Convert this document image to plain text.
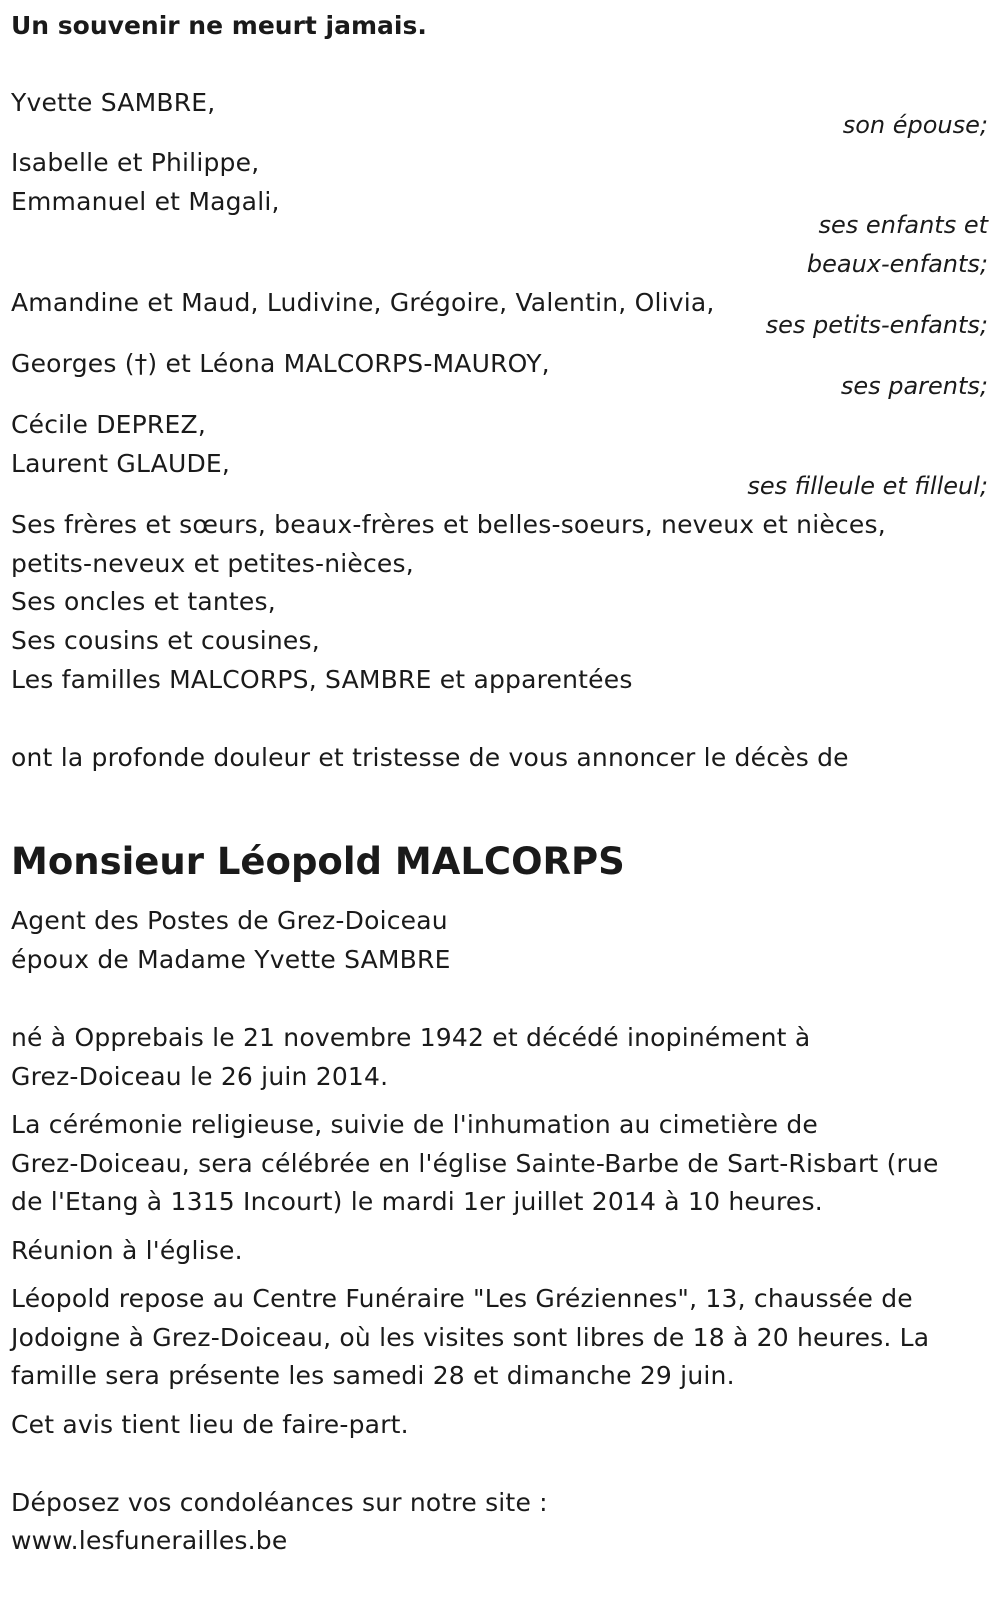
Un souvenir ne meurt jamais.
Yvette SAMBRE,
son épouse;
Isabelle et Philippe,
Emmanuel et Magali,
ses enfants et
beaux-enfants;
Amandine et Maud, Ludivine, Grégoire, Valentin, Olivia,
ses petits-enfants;
Georges (†) et Léona MALCORPS-MAUROY,
ses parents;
Cécile DEPREZ,
Laurent GLAUDE,
ses filleule et filleul;
Ses frères et sœurs, beaux-frères et belles-soeurs, neveux et nièces,
petits-neveux et petites-nièces,
Ses oncles et tantes,
Ses cousins et cousines,
Les familles MALCORPS, SAMBRE et apparentées
ont la profonde douleur et tristesse de vous annoncer le décès de
Monsieur Léopold MALCORPS
Agent des Postes de Grez-Doiceau
époux de Madame Yvette SAMBRE
né à Opprebais le 21 novembre 1942 et décédé inopinément à
Grez-Doiceau le 26 juin 2014.
La cérémonie religieuse, suivie de l'inhumation au cimetière de
Grez-Doiceau, sera célébrée en l'église Sainte-Barbe de Sart-Risbart (rue
de l'Etang à 1315 Incourt) le mardi 1er juillet 2014 à 10 heures.
Réunion à l'église.
Léopold repose au Centre Funéraire "Les Gréziennes", 13, chaussée de
Jodoigne à Grez-Doiceau, où les visites sont libres de 18 à 20 heures. La
famille sera présente les samedi 28 et dimanche 29 juin.
Cet avis tient lieu de faire-part.
Déposez vos condoléances sur notre site :
www.lesfunerailles.be
